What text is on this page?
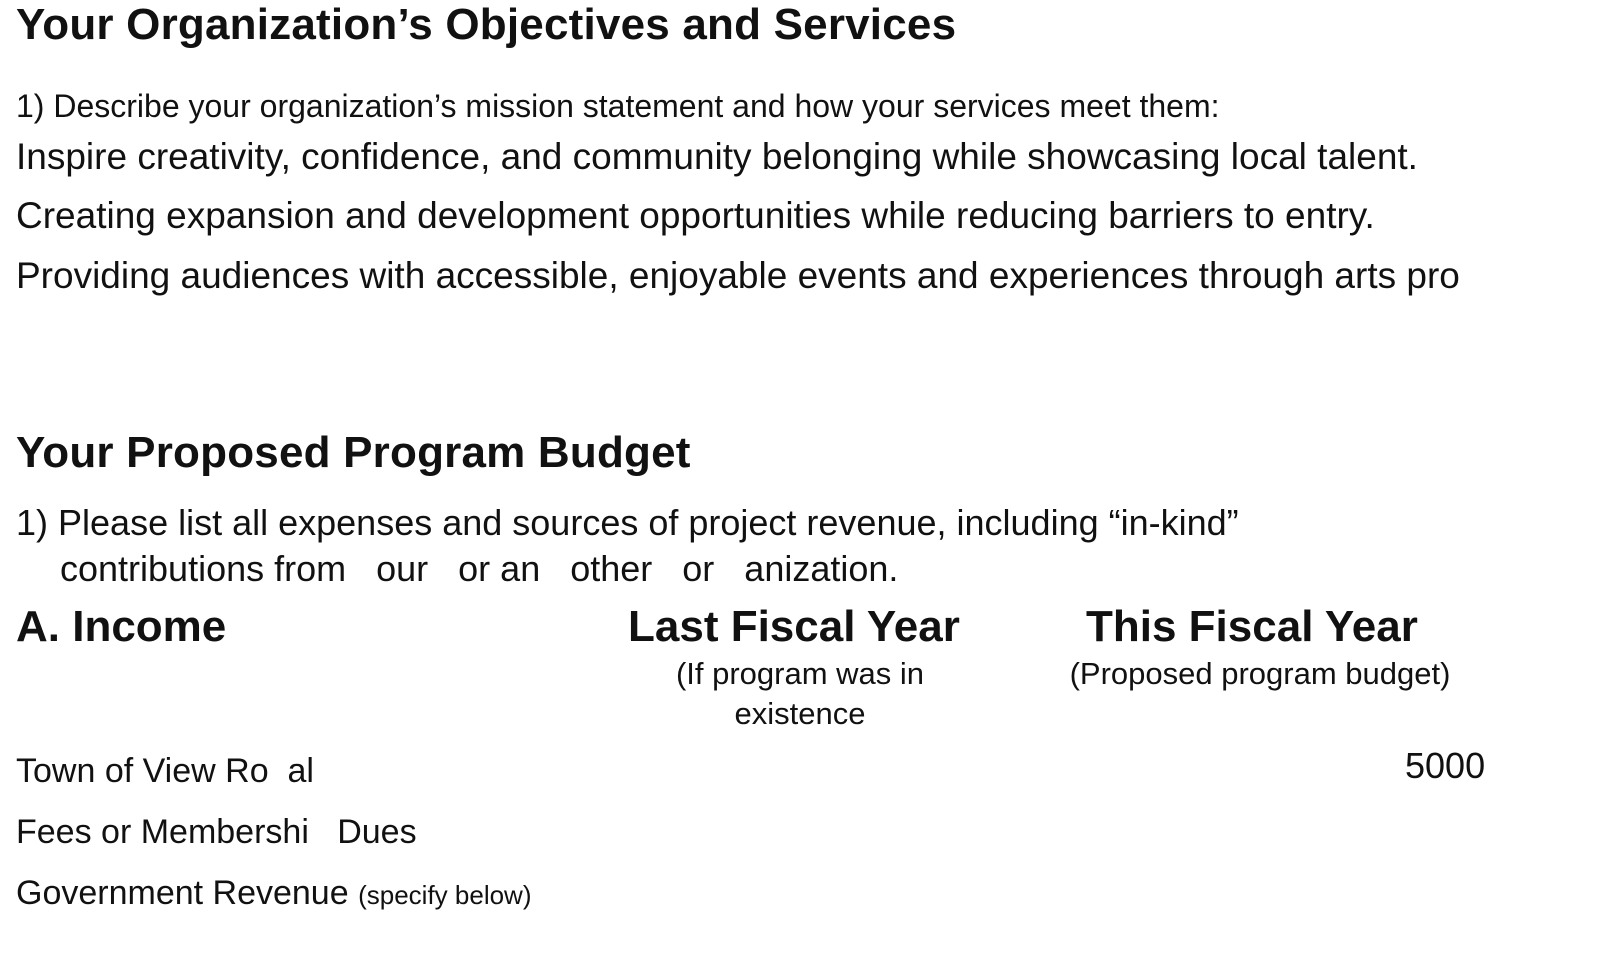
Your Organization’s Objectives and Services

1) Describe your organization’s mission statement and how your services meet them:

Inspire creativity, confidence, and community belonging while showcasing local talent.

Creating expansion and development opportunities while reducing barriers to entry.

Providing audiences with accessible, enjoyable events and experiences through arts pro

Your Proposed Program Budget

1) Please list all expenses and sources of project revenue, including “in-kind”

contributions from   our   or an   other   or   anization.

A. Income	Last Fiscal Year
(If program was in existence
This Fiscal Year
(Proposed program budget)
Town of View Ro  al	5000
Fees or Membershi   Dues
Government Revenue (specify below)
